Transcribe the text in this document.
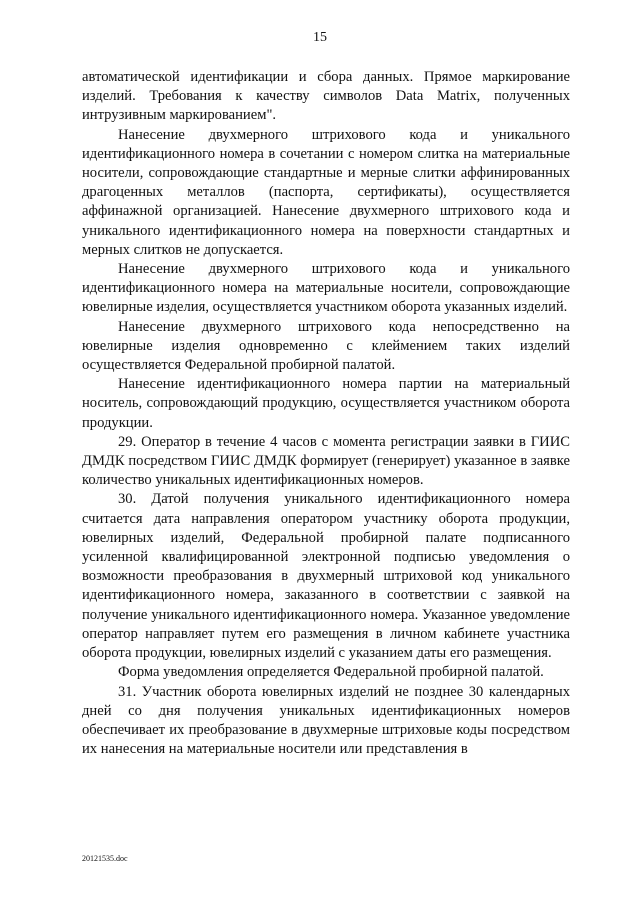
15

автоматической идентификации и сбора данных. Прямое маркирование изделий. Требования к качеству символов Data Matrix, полученных интрузивным маркированием".

Нанесение двухмерного штрихового кода и уникального идентификационного номера в сочетании с номером слитка на материальные носители, сопровождающие стандартные и мерные слитки аффинированных драгоценных металлов (паспорта, сертификаты), осуществляется аффинажной организацией. Нанесение двухмерного штрихового кода и уникального идентификационного номера на поверхности стандартных и мерных слитков не допускается.

Нанесение двухмерного штрихового кода и уникального идентификационного номера на материальные носители, сопровождающие ювелирные изделия, осуществляется участником оборота указанных изделий.

Нанесение двухмерного штрихового кода непосредственно на ювелирные изделия одновременно с клеймением таких изделий осуществляется Федеральной пробирной палатой.

Нанесение идентификационного номера партии на материальный носитель, сопровождающий продукцию, осуществляется участником оборота продукции.

29. Оператор в течение 4 часов с момента регистрации заявки в ГИИС ДМДК посредством ГИИС ДМДК формирует (генерирует) указанное в заявке количество уникальных идентификационных номеров.

30. Датой получения уникального идентификационного номера считается дата направления оператором участнику оборота продукции, ювелирных изделий, Федеральной пробирной палате подписанного усиленной квалифицированной электронной подписью уведомления о возможности преобразования в двухмерный штриховой код уникального идентификационного номера, заказанного в соответствии с заявкой на получение уникального идентификационного номера. Указанное уведомление оператор направляет путем его размещения в личном кабинете участника оборота продукции, ювелирных изделий с указанием даты его размещения.

Форма уведомления определяется Федеральной пробирной палатой.

31. Участник оборота ювелирных изделий не позднее 30 календарных дней со дня получения уникальных идентификационных номеров обеспечивает их преобразование в двухмерные штриховые коды посредством их нанесения на материальные носители или представления в

20121535.doc
